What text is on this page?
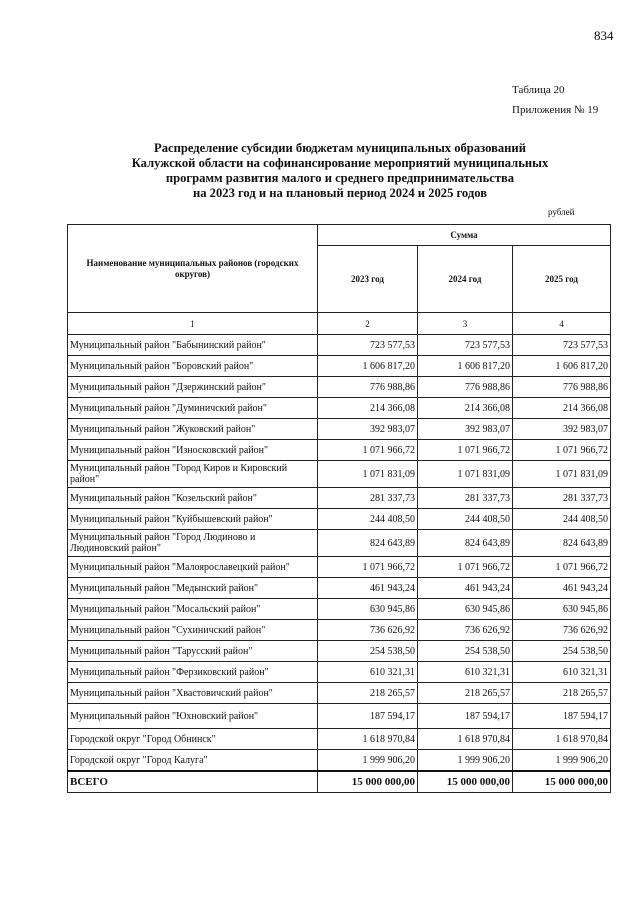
834
Таблица 20
Приложения № 19
Распределение субсидии бюджетам муниципальных образований
Калужской области на софинансирование мероприятий муниципальных
программ развития малого и среднего предпринимательства
на 2023 год и на плановый период 2024 и 2025 годов
рублей
Наименование муниципальных районов (городских округов)	Сумма		
	2023 год	2024 год	2025 год
1	2	3	4
Муниципальный район "Бабынинский район"	723 577,53	723 577,53	723 577,53
Муниципальный район "Боровский район"	1 606 817,20	1 606 817,20	1 606 817,20
Муниципальный район "Дзержинский район"	776 988,86	776 988,86	776 988,86
Муниципальный район "Думиничский район"	214 366,08	214 366,08	214 366,08
Муниципальный район "Жуковский район"	392 983,07	392 983,07	392 983,07
Муниципальный район "Износковский район"	1 071 966,72	1 071 966,72	1 071 966,72
Муниципальный район "Город Киров и Кировский район"	1 071 831,09	1 071 831,09	1 071 831,09
Муниципальный район "Козельский район"	281 337,73	281 337,73	281 337,73
Муниципальный район "Куйбышевский район"	244 408,50	244 408,50	244 408,50
Муниципальный район "Город Людиново и Людиновский район"	824 643,89	824 643,89	824 643,89
Муниципальный район "Малоярославецкий район"	1 071 966,72	1 071 966,72	1 071 966,72
Муниципальный район "Медынский район"	461 943,24	461 943,24	461 943,24
Муниципальный район "Мосальский район"	630 945,86	630 945,86	630 945,86
Муниципальный район "Сухиничский район"	736 626,92	736 626,92	736 626,92
Муниципальный район "Тарусский район"	254 538,50	254 538,50	254 538,50
Муниципальный район "Ферзиковский район"	610 321,31	610 321,31	610 321,31
Муниципальный район "Хвастовичский район"	218 265,57	218 265,57	218 265,57
Муниципальный район "Юхновский район"	187 594,17	187 594,17	187 594,17
Городской округ "Город Обнинск"	1 618 970,84	1 618 970,84	1 618 970,84
Городской округ "Город Калуга"	1 999 906,20	1 999 906,20	1 999 906,20
ВСЕГО	15 000 000,00	15 000 000,00	15 000 000,00
